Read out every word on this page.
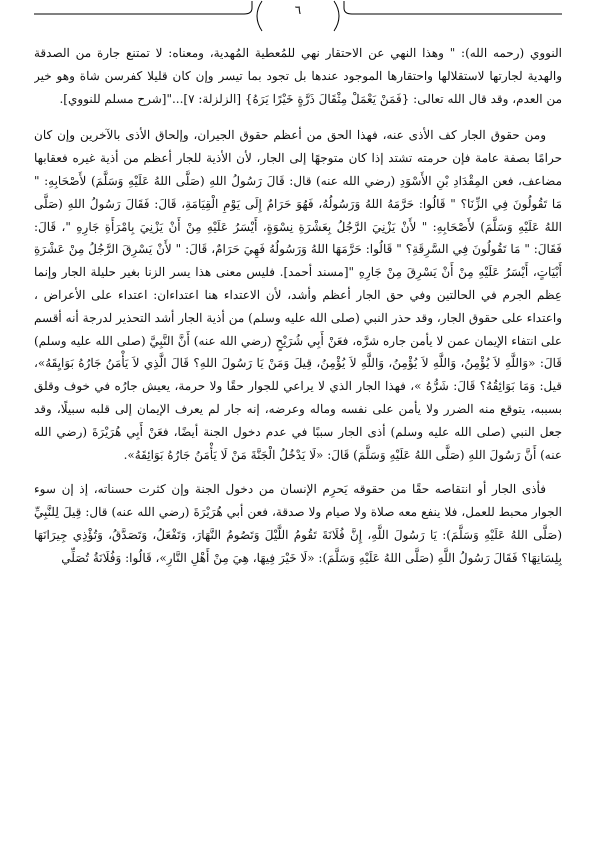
٦

النووي (رحمه الله): " وهذا النهي عن الاحتقار نهي للمُعطية المُهدية، ومعناه: لا تمتنع جارة من الصدقة والهدية لجارتها لاستقلالها واحتقارها الموجود عندها بل تجود بما تيسر وإن كان قليلا كفرسن شاة وهو خير من العدم، وقد قال الله تعالى: {فَمَنْ يَعْمَلْ مِثْقَالَ ذَرَّةٍ خَيْرًا يَرَهُ} [الزلزلة: ٧]..."[شرح مسلم للنووي].

ومن حقوق الجار كف الأذى عنه، فهذا الحق من أعظم حقوق الجيران، وإلحاق الأذى بالآخرين وإن كان حرامًا بصفة عامة فإن حرمته تشتد إذا كان متوجهًا إلى الجار، لأن الأذية للجار أعظم من أذية غيره فعقابها مضاعف، فعن المِقْدَادِ بْنِ الأَسْوَدِ (رضي الله عنه) قال: قَالَ رَسُولُ اللهِ (صَلَّى اللهُ عَلَيْهِ وَسَلَّمَ) لأَصْحَابِهِ: " مَا تَقُولُونَ فِي الزِّنَا؟ " قَالُوا: حَرَّمَهُ اللهُ وَرَسُولُهُ، فَهُوَ حَرَامٌ إِلَى يَوْمِ الْقِيَامَةِ، قَالَ: فَقَالَ رَسُولُ اللهِ (صَلَّى اللهُ عَلَيْهِ وَسَلَّمَ) لأَصْحَابِهِ: " لأَنْ يَزْنِيَ الرَّجُلُ بِعَشْرَةِ نِسْوَةٍ، أَيْسَرُ عَلَيْهِ مِنْ أَنْ يَزْنِيَ بِامْرَأَةِ جَارِهِ "، قَالَ: فَقَالَ: " مَا تَقُولُونَ فِي السَّرِقَةِ؟ " قَالُوا: حَرَّمَهَا اللهُ وَرَسُولُهُ فَهِيَ حَرَامٌ، قَالَ: " لأَنْ يَسْرِقَ الرَّجُلُ مِنْ عَشْرَةِ أَبْيَاتٍ، أَيْسَرُ عَلَيْهِ مِنْ أَنْ يَسْرِقَ مِنْ جَارِهِ "[مسند أحمد]. فليس معنى هذا يسر الزنا بغير حليلة الجار وإنما عِظم الجرم في الحالتين وفي حق الجار أعظم وأشد، لأن الاعتداء هنا اعتداءان: اعتداء على الأعراض ، واعتداء على حقوق الجار، وقد حذر النبي (صلى الله عليه وسلم) من أذية الجار أشد التحذير لدرجة أنه أقسم على انتفاء الإيمان عمن لا يأمن جاره شرَّه، فعَنْ أَبِي شُرَيْحٍ (رضي الله عنه) أَنَّ النَّبِيَّ (صلى الله عليه وسلم) قَالَ: «وَاللَّهِ لاَ يُؤْمِنُ، وَاللَّهِ لاَ يُؤْمِنُ، وَاللَّهِ لاَ يُؤْمِنُ، قِيلَ وَمَنْ يَا رَسُولَ اللهِ؟ قَالَ الَّذِي لاَ يَأْمَنُ جَارُهُ بَوَايِقَهُ»، قيل: وَمَا بَوَائِقُهُ؟ قَالَ: شَرُّهُ »، فهذا الجار الذي لا يراعي للجوار حقًا ولا حرمة، يعيش جارُه في خوف وقلق بسببه، يتوقع منه الضرر ولا يأمن على نفسه وماله وعرضه، إنه جار لم يعرف الإيمان إلى قلبه سبيلًا، وقد جعل النبي (صلى الله عليه وسلم) أذى الجار سببًا في عدم دخول الجنة أيضًا، فعَنْ أَبِي هُرَيْرَةَ (رضي الله عنه) أَنَّ رَسُولَ اللهِ (صَلَّى اللهُ عَلَيْهِ وَسَلَّمَ) قَالَ: «لَا يَدْخُلُ الْجَنَّةَ مَنْ لَا يَأْمَنُ جَارُهُ بَوَائِقَهُ».

فأذى الجار أو انتقاصه حقًا من حقوقه يَحرِم الإنسان من دخول الجنة وإن كثرت حسناته، إذ إن سوء الجوار محبط للعمل، فلا ينفع معه صلاة ولا صيام ولا صدقة، فعن أبي هُرَيْرَةَ (رضي الله عنه) قال: قِيلَ لِلنَّبِيِّ (صَلَّى اللهُ عَلَيْهِ وَسَلَّمَ): يَا رَسُولَ اللَّهِ، إِنَّ فُلَانَةَ تَقُومُ اللَّيْلَ وَتَصُومُ النَّهَارَ، وَتَفْعَلُ، وَتَصَدَّقُ، وَتُؤْذِي جِيرَانَهَا بِلِسَانِهَا؟ فَقَالَ رَسُولُ اللَّهِ (صَلَّى اللهُ عَلَيْهِ وَسَلَّمَ): «لَا خَيْرَ فِيهَا، هِيَ مِنْ أَهْلِ النَّارِ»، قَالُوا: وَفُلَانَةُ تُصَلِّي
